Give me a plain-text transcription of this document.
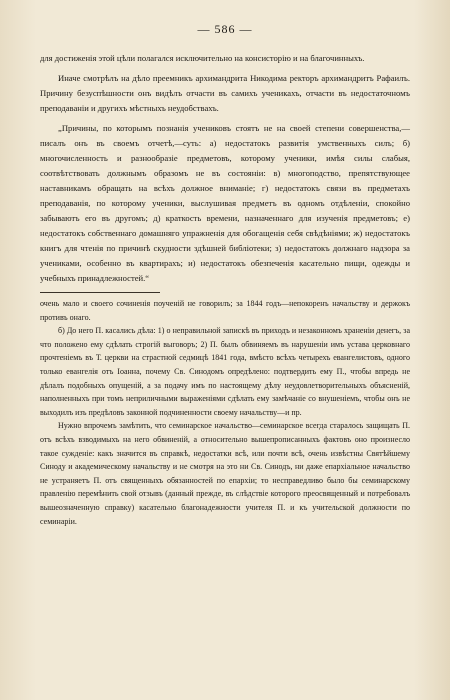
— 586 —

для достиженія этой цѣли полагался исключительно на консисторію и на благочинныхъ.

Иначе смотрѣлъ на дѣло преемникъ архимандрита Никодима ректоръ архимандритъ Рафаилъ. Причину безуспѣшности онъ видѣлъ отчасти въ самихъ ученикахъ, отчасти въ недостаточномъ преподаваніи и другихъ мѣстныхъ неудобствахъ.

„Причины, по которымъ познанія учениковъ стоятъ не на своей степени совершенства,—писалъ онъ въ своемъ отчетѣ,—суть: а) недостатокъ развитія умственныхъ силъ; б) многочисленность и разнообразіе предметовъ, которому ученики, имѣя силы слабыя, соотвѣтствовать должнымъ образомъ не въ состояніи: в) многоподство, препятствующее наставникамъ обращать на всѣхъ должное вниманіе; г) недостатокъ связи въ предметахъ преподаванія, по которому ученики, выслушивая предметъ въ одномъ отдѣленіи, спокойно забываютъ его въ другомъ; д) краткость времени, назначеннаго для изученія предметовъ; е) недостатокъ собственнаго домашняго упражненія для обогащенія себя свѣдѣніями; ж) недостатокъ книгъ для чтенія по причинѣ скудности здѣшней библіотеки; з) недостатокъ должнаго надзора за учениками, особенно въ квартирахъ; и) недостатокъ обезпеченія касательно пищи, одежды и учебныхъ принадлежностей.“

очень мало и своего сочиненія поученій не говорилъ; за 1844 годъ—непокоренъ начальству и держокъ противъ онаго.

б) До него П. касались дѣла: 1) о неправильной запискѣ въ приходъ и незаконномъ храненіи денегъ, за что положено ему сдѣлать строгій выговоръ; 2) П. былъ обвиняемъ въ нарушеніи имъ устава церковнаго прочтеніемъ въ Т. церкви на страстной седмицѣ 1841 года, вмѣсто всѣхъ четырехъ евангелистовъ, одного только евангелія отъ Іоанна, почему Св. Синодомъ опредѣлено: подтвердить ему П., чтобы впредь не дѣлалъ подобныхъ опущеній, а за подачу имъ по настоящему дѣлу неудовлетворительныхъ объясненій, наполненныхъ при томъ неприличными выраженіями сдѣлать ему замѣчаніе со внушеніемъ, чтобы онъ не выходилъ изъ предѣловъ законной подчиненности своему начальству—и пр.

Нужно впрочемъ замѣтить, что семинарское начальство—семинарское всегда старалось защищать П. отъ всѣхъ взводимыхъ на него обвиненій, а относительно вышепрописанныхъ фактовъ оно произнесло такое сужденіе: какъ значится въ справкѣ, недостатки всѣ, или почти всѣ, очень извѣстны Святѣйшему Синоду и академическому начальству и не смотря на это ни Св. Синодъ, ни даже епархіальное начальство не устраняетъ П. отъ священныхъ обязанностей по епархіи; то несправедливо было бы семинарскому правленію перемѣнить свой отзывъ (данный прежде, въ слѣдствіе которого преосвященный и потребовалъ вышеозначенную справку) касательно благонадежности учителя П. и къ учительской должности по семинаріи.
